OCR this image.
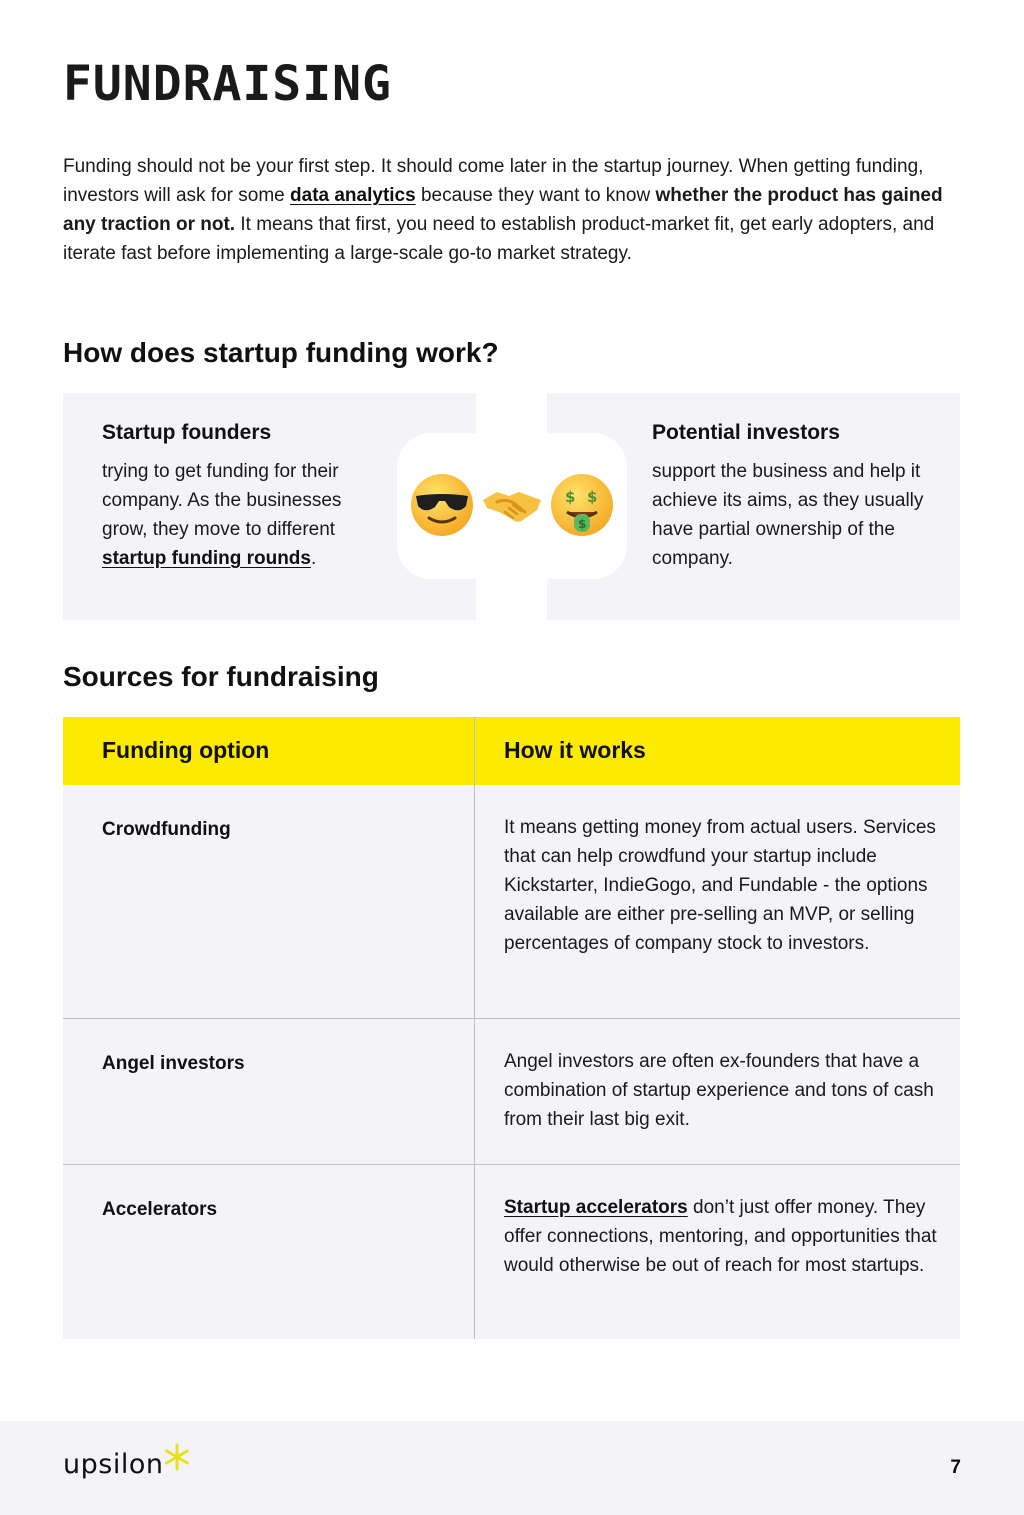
FUNDRAISING

Funding should not be your first step. It should come later in the startup journey. When getting funding, investors will ask for some data analytics because they want to know whether the product has gained any traction or not. It means that first, you need to establish product-market fit, get early adopters, and iterate fast before implementing a large-scale go-to market strategy.

How does startup funding work?
Startup founders

trying to get funding for their company. As the businesses grow, they move to different startup funding rounds.

Potential investors

support the business and help it achieve its aims, as they usually have partial ownership of the company.

$ $
$
Sources for fundraising
Funding option	How it works
Crowdfunding	It means getting money from actual users. Services that can help crowdfund your startup include Kickstarter, IndieGogo, and Fundable - the options available are either pre-selling an MVP, or selling percentages of company stock to investors.
Angel investors	Angel investors are often ex-founders that have a combination of startup experience and tons of cash from their last big exit.
Accelerators	Startup accelerators don’t just offer money. They offer connections, mentoring, and opportunities that would otherwise be out of reach for most startups.
upsilon	7
